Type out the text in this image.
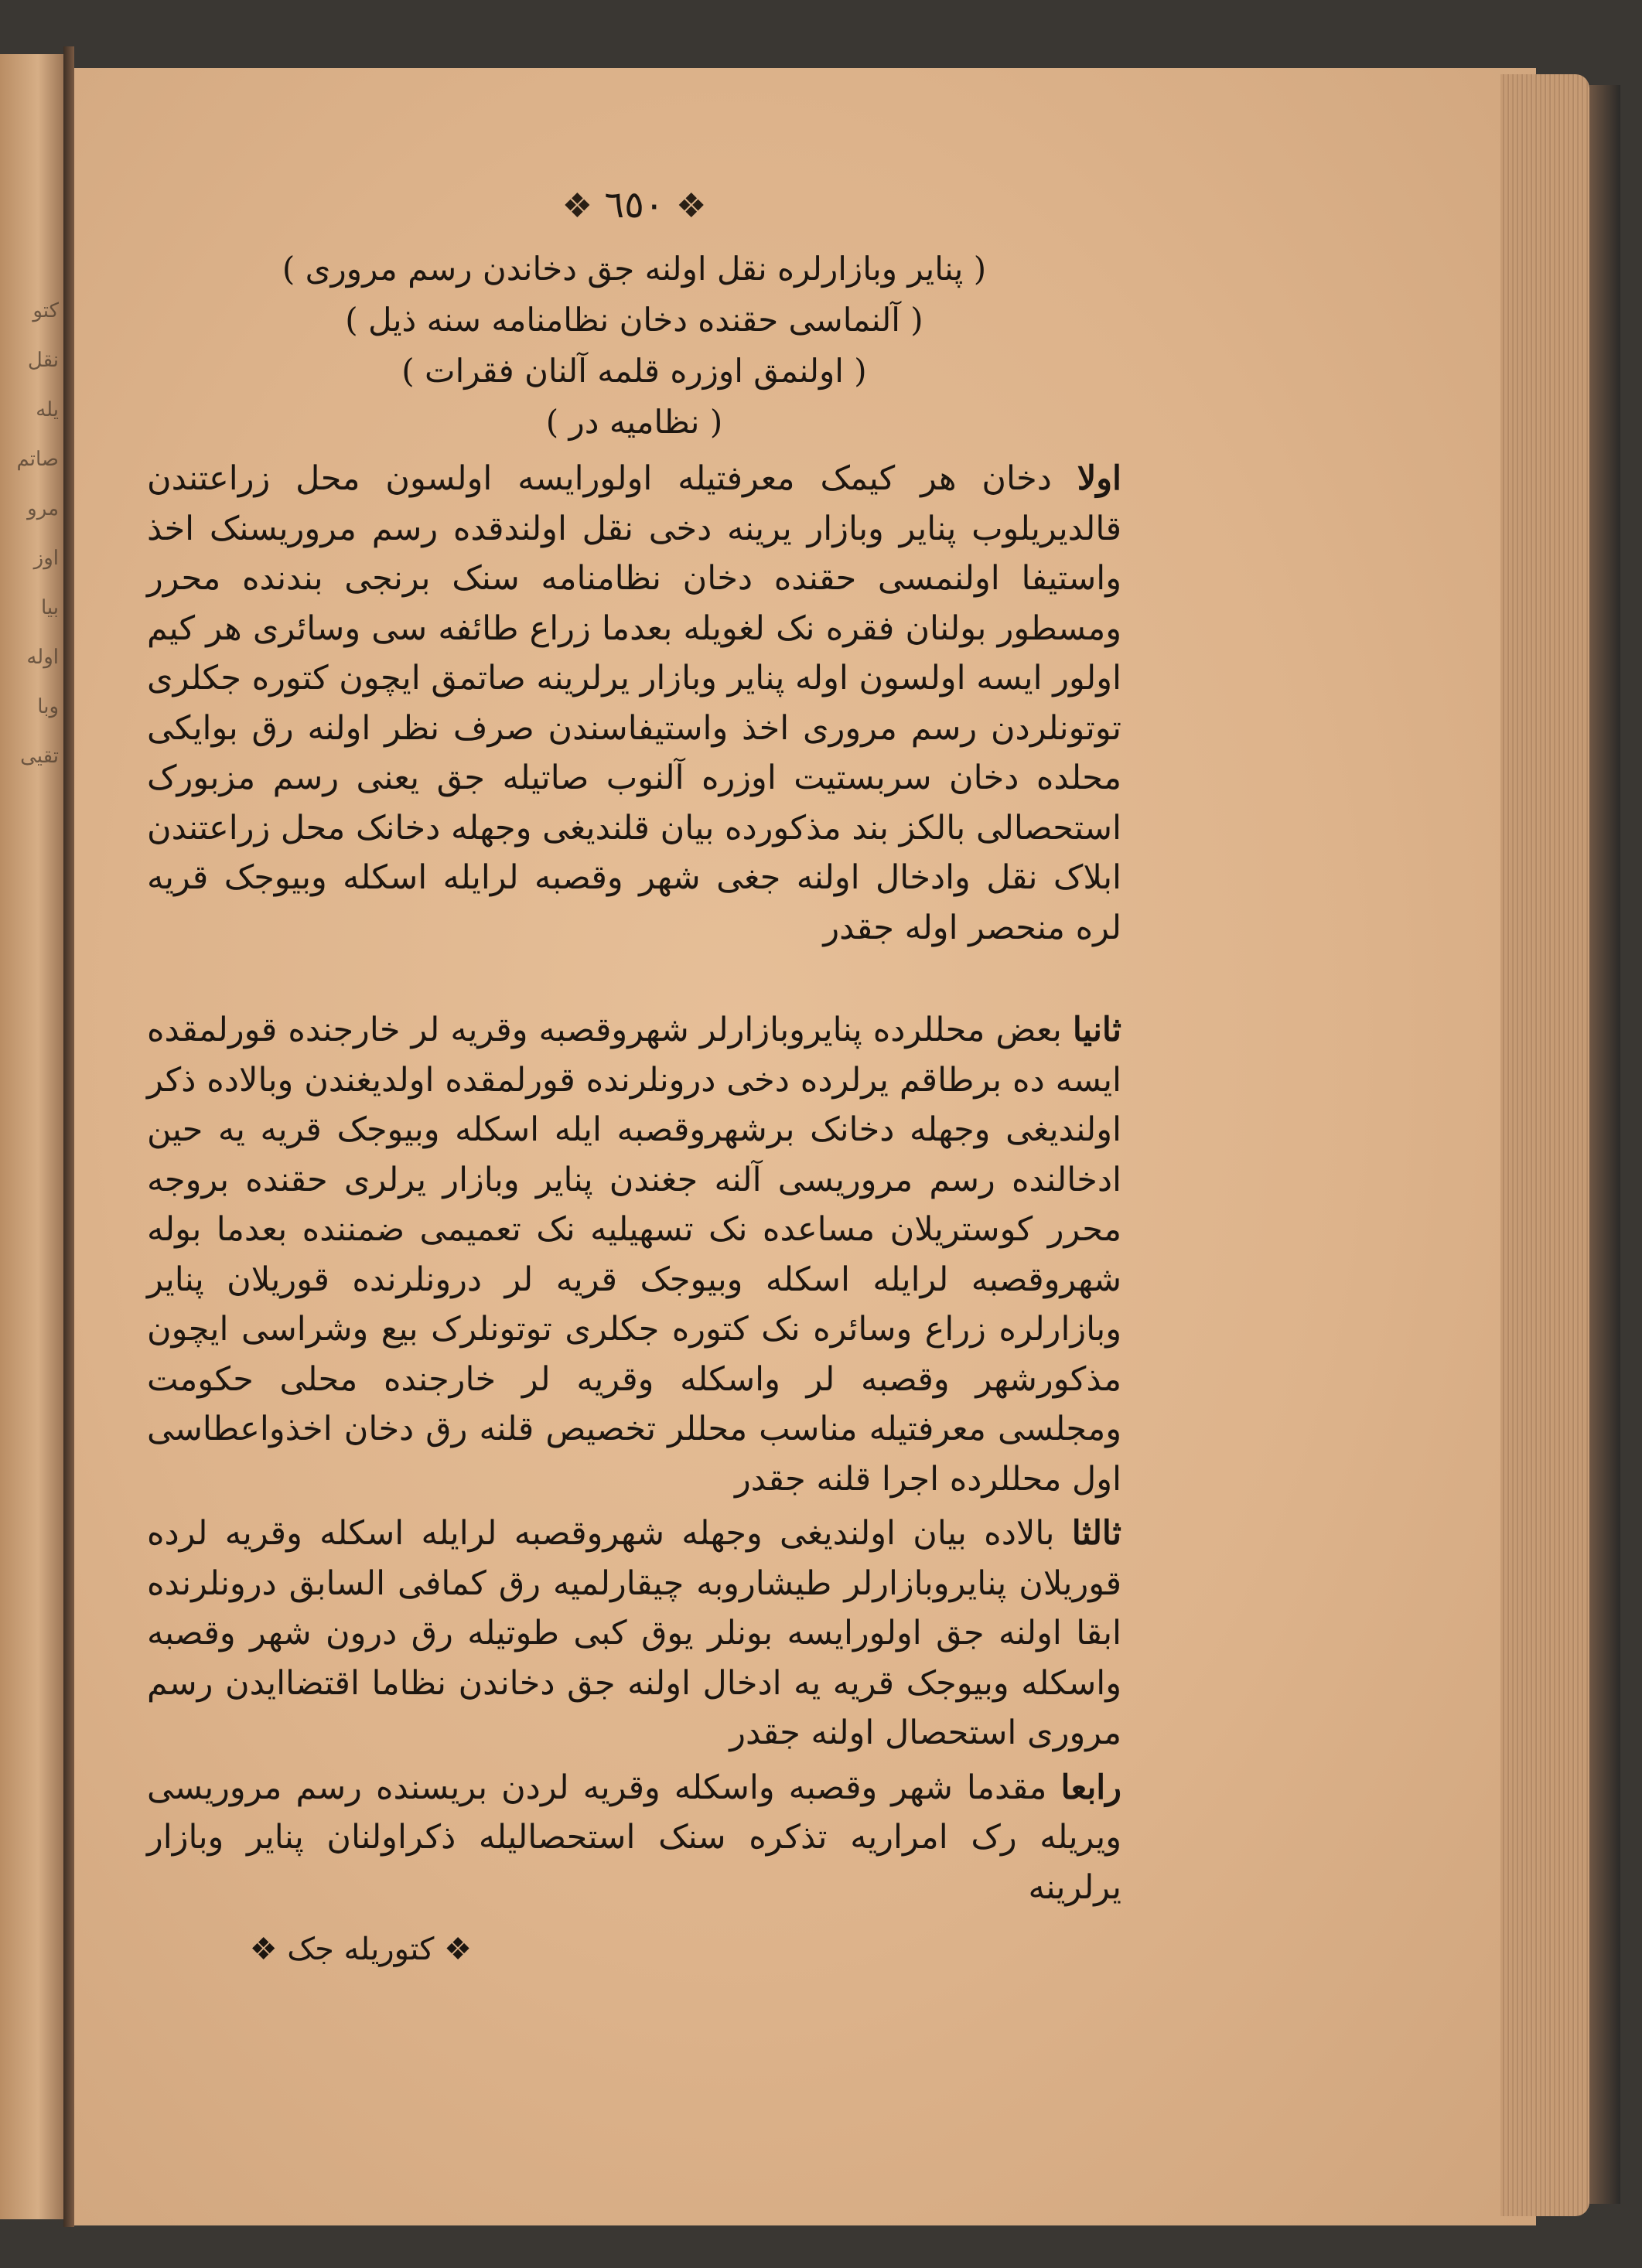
کتو
نقل
یله
صاتم
مرو
اوز
بیا
اوله
وبا
تقیی
❖ ٦٥٠ ❖

( پنایر وبازارلره نقل اولنه جق دخاندن رسم مروری )

( آلنماسی حقنده دخان نظامنامه سنه ذیل )

( اولنمق اوزره قلمه آلنان فقرات )

( نظامیه در )

اولا دخان هر کیمک معرفتیله اولورایسه اولسون محل زراعتندن قالدیریلوب پنایر وبازار یرینه دخی نقل اولندقده رسم مروریسنک اخذ واستیفا اولنمسی حقنده دخان نظامنامه سنک برنجی بندنده محرر ومسطور بولنان فقره نک لغویله بعدما زراع طائفه سی وسائری هر کیم اولور ایسه اولسون اوله پنایر وبازار یرلرینه صاتمق ایچون کتوره جکلری توتونلردن رسم مروری اخذ واستیفاسندن صرف نظر اولنه رق بوایکی محلده دخان سربستیت اوزره آلنوب صاتیله جق یعنی رسم مزبورک استحصالی بالکز بند مذکورده بیان قلندیغی وجهله دخانک محل زراعتندن ابلاک نقل وادخال اولنه جغی شهر وقصبه لرایله اسکله وبیوجک قریه لره منحصر اوله جقدر

ثانیا بعض محللرده پنایروبازارلر شهروقصبه وقریه لر خارجنده قورلمقده ایسه ده برطاقم یرلرده دخی درونلرنده قورلمقده اولدیغندن وبالاده ذکر اولندیغی وجهله دخانک برشهروقصبه ایله اسکله وبیوجک قریه یه حین ادخالنده رسم مروریسی آلنه جغندن پنایر وبازار یرلری حقنده بروجه محرر کوستریلان مساعده نک تسهیلیه نک تعمیمی ضمننده بعدما بوله شهروقصبه لرایله اسکله وبیوجک قریه لر درونلرنده قوریلان پنایر وبازارلره زراع وسائره نک کتوره جکلری توتونلرک بیع وشراسی ایچون مذکورشهر وقصبه لر واسکله وقریه لر خارجنده محلی حکومت ومجلسی معرفتیله مناسب محللر تخصیص قلنه رق دخان اخذواعطاسی اول محللرده اجرا قلنه جقدر

ثالثا بالاده بیان اولندیغی وجهله شهروقصبه لرایله اسکله وقریه لرده قوریلان پنایروبازارلر طیشاروبه چیقارلمیه رق کمافی السابق درونلرنده ابقا اولنه جق اولورایسه بونلر یوق کبی طوتیله رق درون شهر وقصبه واسکله وبیوجک قریه یه ادخال اولنه جق دخاندن نظاما اقتضاایدن رسم مروری استحصال اولنه جقدر

رابعا مقدما شهر وقصبه واسکله وقریه لردن بریسنده رسم مروریسی ویریله رک امراریه تذکره سنک استحصالیله ذکراولنان پنایر وبازار یرلرینه

❖ کتوریله جک ❖
